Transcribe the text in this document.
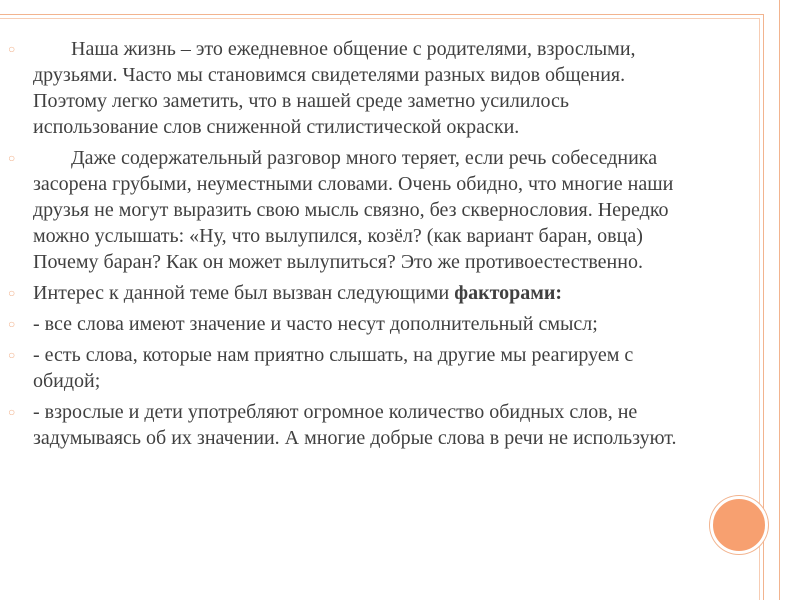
○	Наша жизнь – это ежедневное общение с родителями, взрослыми, друзьями. Часто мы становимся свидетелями разных видов общения. Поэтому легко заметить, что в нашей среде заметно усилилось использование слов сниженной стилистической окраски.
○	Даже содержательный разговор много теряет, если речь собеседника засорена грубыми, неуместными словами. Очень обидно, что многие наши друзья не могут выразить свою мысль связно, без сквернословия. Нередко можно услышать: «Ну, что вылупился, козёл? (как вариант баран, овца) Почему баран? Как он может вылупиться? Это же противоестественно.
○ Интерес к данной теме был вызван следующими факторами:
○ - все слова имеют значение и часто несут дополнительный смысл;
○ - есть слова, которые нам приятно слышать, на другие мы реагируем с обидой;
○ - взрослые и дети употребляют огромное количество обидных слов, не задумываясь об их значении. А многие добрые слова в речи не используют.
